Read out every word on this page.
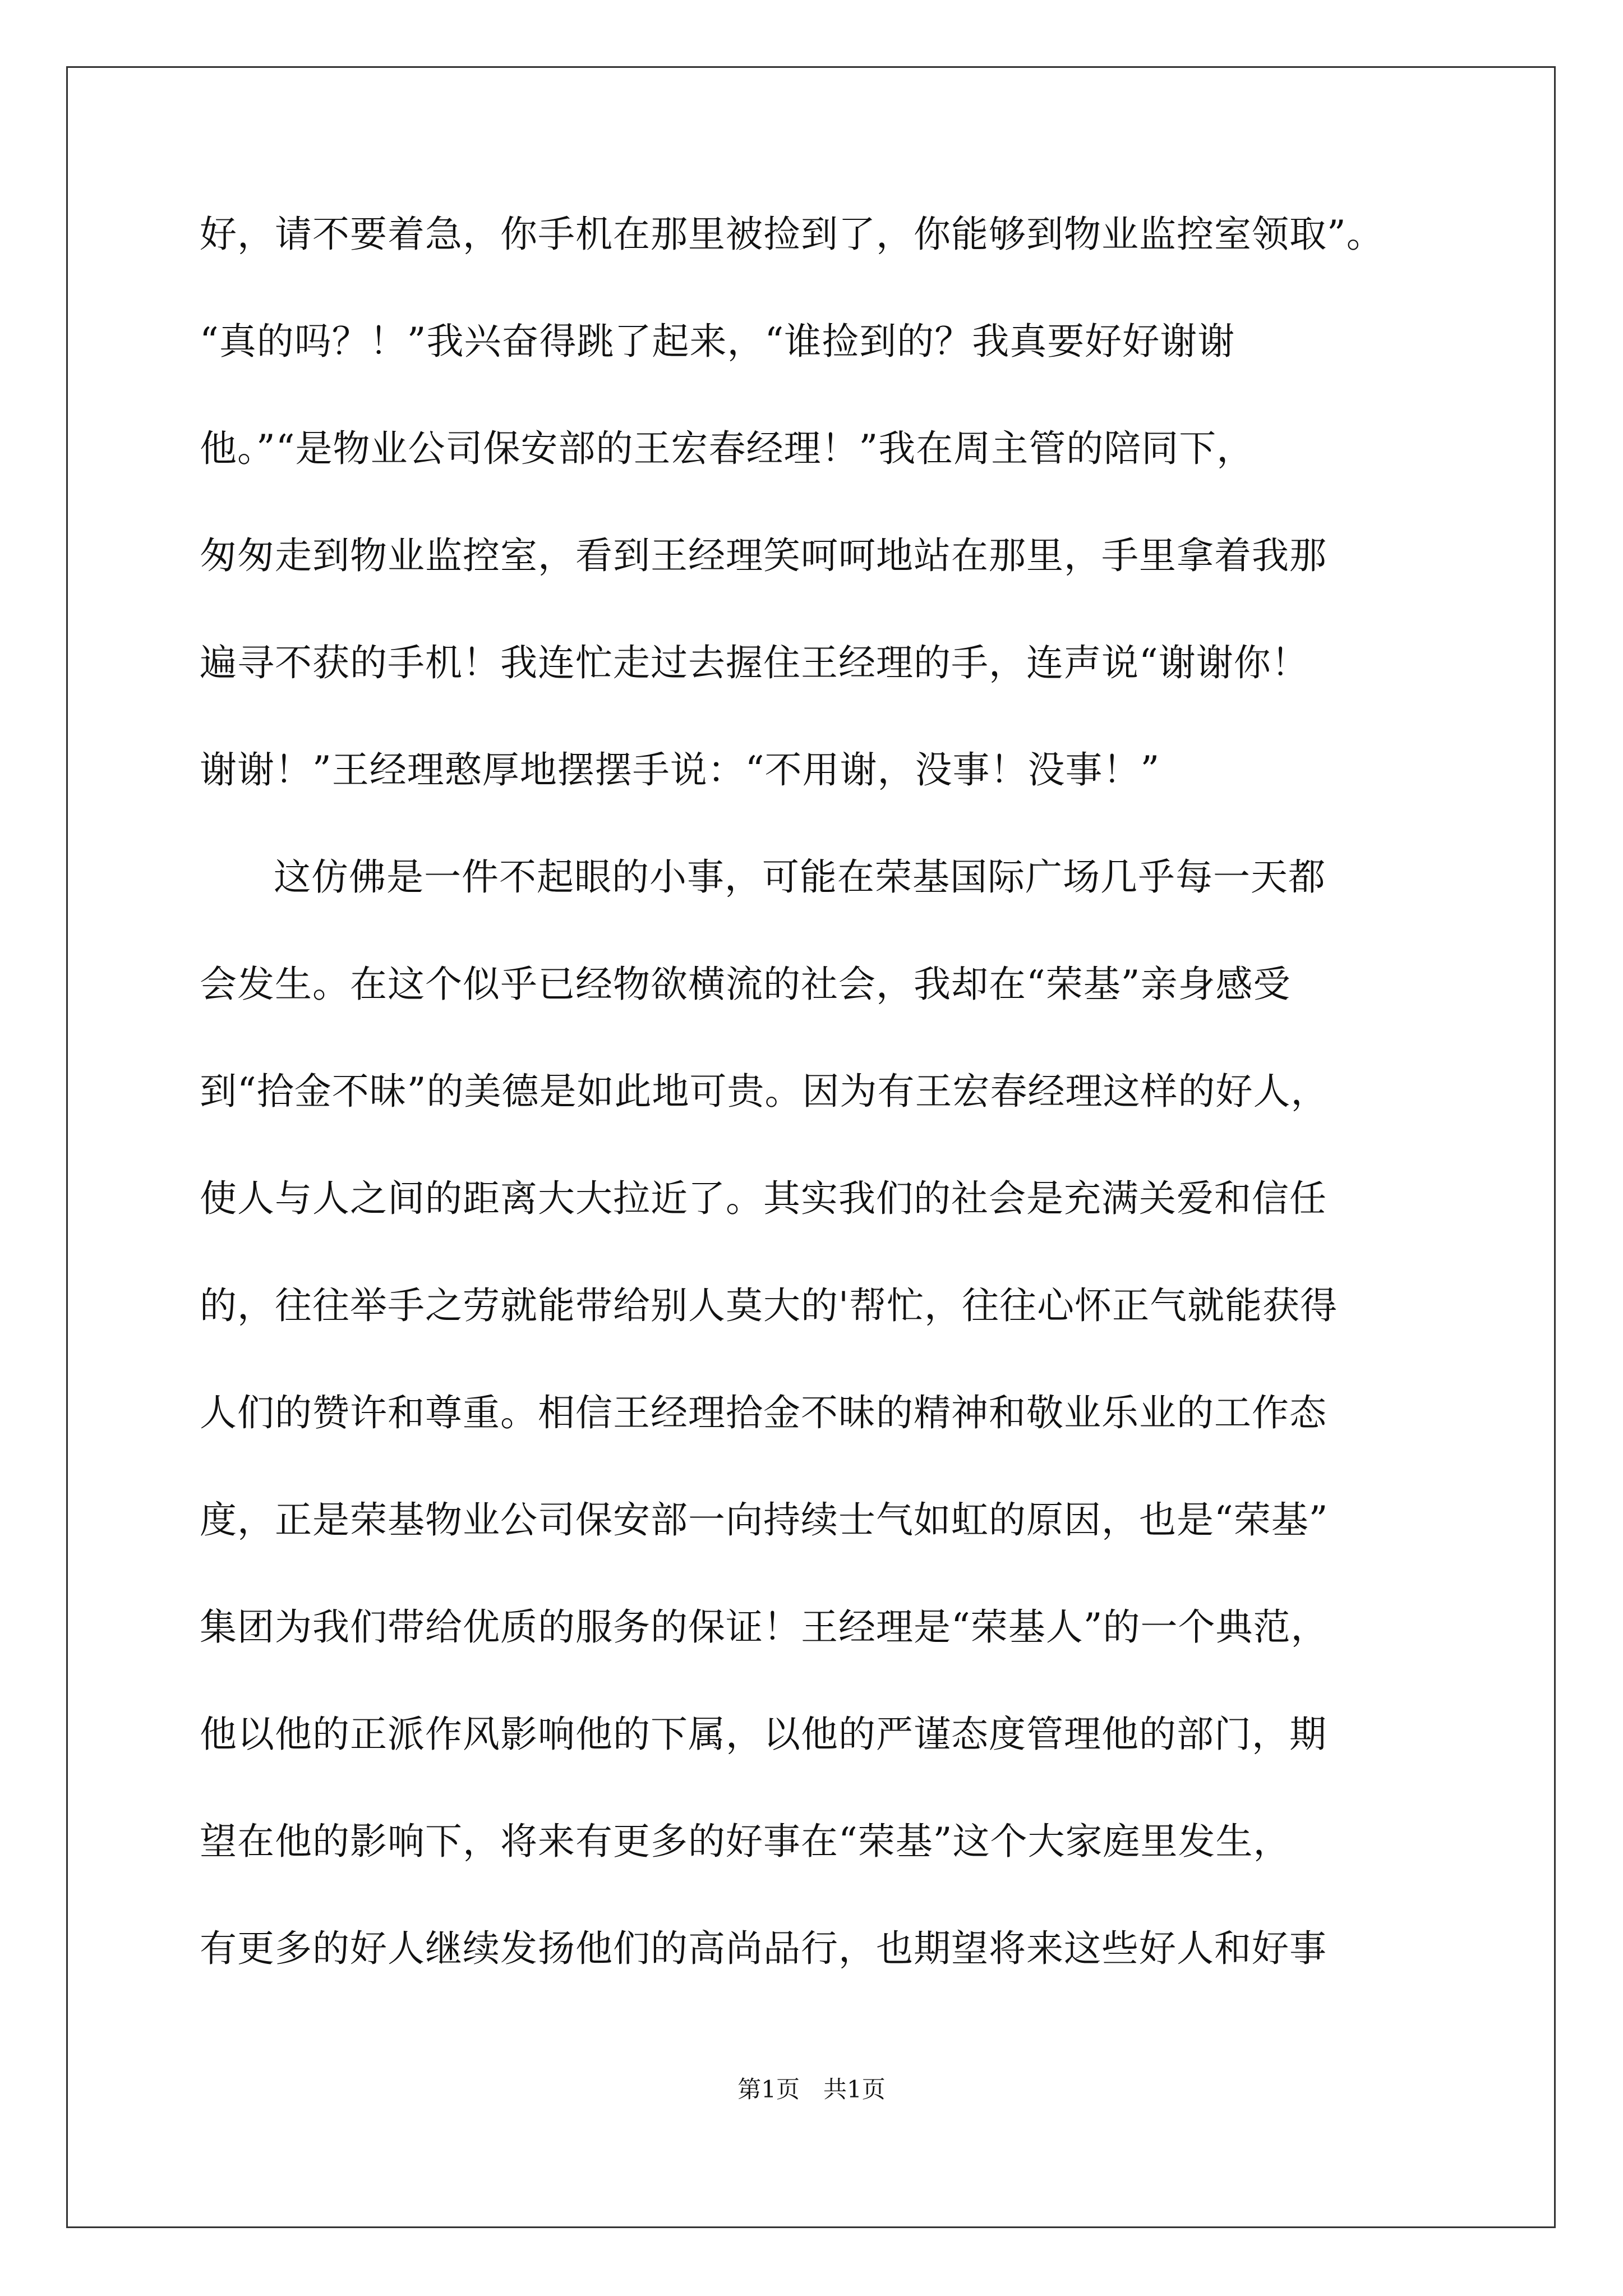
好，请不要着急，你手机在那里被捡到了，你能够到物业监控室领取”。
“真的吗？！”我兴奋得跳了起来，“谁捡到的？我真要好好谢谢
他。”“是物业公司保安部的王宏春经理！”我在周主管的陪同下，
匆匆走到物业监控室，看到王经理笑呵呵地站在那里，手里拿着我那
遍寻不获的手机！我连忙走过去握住王经理的手，连声说“谢谢你！
谢谢！”王经理憨厚地摆摆手说：“不用谢，没事！没事！”
这仿佛是一件不起眼的小事，可能在荣基国际广场几乎每一天都
会发生。在这个似乎已经物欲横流的社会，我却在“荣基”亲身感受
到“拾金不昧”的美德是如此地可贵。因为有王宏春经理这样的好人，
使人与人之间的距离大大拉近了。其实我们的社会是充满关爱和信任
的，往往举手之劳就能带给别人莫大的'帮忙，往往心怀正气就能获得
人们的赞许和尊重。相信王经理拾金不昧的精神和敬业乐业的工作态
度，正是荣基物业公司保安部一向持续士气如虹的原因，也是“荣基”
集团为我们带给优质的服务的保证！王经理是“荣基人”的一个典范，
他以他的正派作风影响他的下属，以他的严谨态度管理他的部门，期
望在他的影响下，将来有更多的好事在“荣基”这个大家庭里发生，
有更多的好人继续发扬他们的高尚品行，也期望将来这些好人和好事
第1页 共1页
